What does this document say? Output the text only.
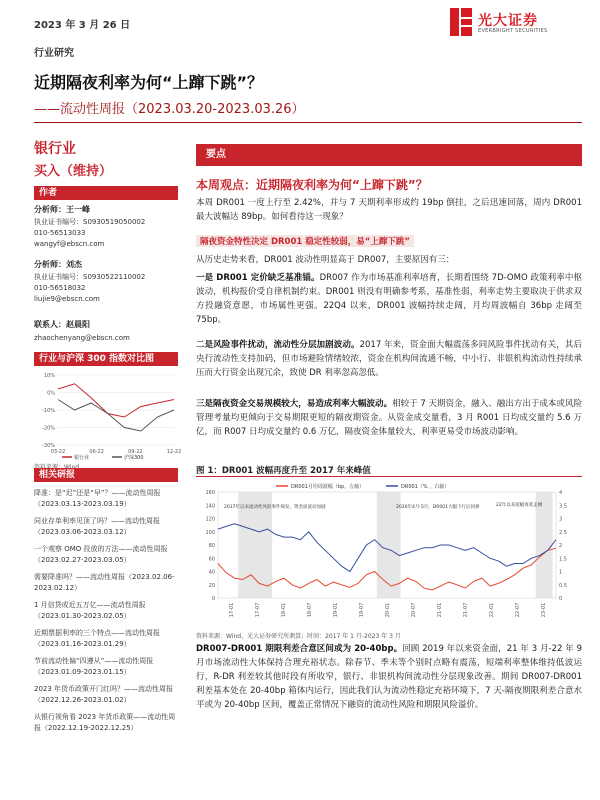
2023 年 3 月 26 日	光大证券
EVERBRIGHT SECURITIES
行业研究
近期隔夜利率为何“上蹿下跳”？
——流动性周报（2023.03.20-2023.03.26）
银行业
买入（维持）
作者
分析师：王一峰
执业证书编号：S0930519050002
010-56513033
wangyf@ebscn.com
分析师：刘杰
执业证书编号：S0930522110002
010-56518032
liujie9@ebscn.com
联系人：赵晨阳
zhaochenyang@ebscn.com
行业与沪深 300 指数对比图
10%
0%
-10%
-20%
-30%
03-22	06-22	09-22	12-22
银行业	沪深300
相关研报
降准：是“迟”还是“早”？——流动性周报（2023.03.13-2023.03.19）
同业存单利率见顶了吗？——流动性周报（2023.03.06-2023.03.12）
一个观察 OMO 投放的方法——流动性周报（2023.02.27-2023.03.05）
需要降准吗？——流动性周报（2023.02.06-2023.02.12）
1 月信贷或近五万亿——流动性周报（2023.01.30-2023.02.05）
近期票据利率的三个特点——流动性周报（2023.01.16-2023.01.29）
节前流动性偏“四遵从”——流动性周报（2023.01.09-2023.01.15）
2023 年货币政策开门红吗？——流动性周报（2022.12.26-2023.01.02）
从银行视角看 2023 年货币政策——流动性周报（2022.12.19-2022.12.25）
要点
本周观点：近期隔夜利率为何“上蹿下跳”？
本周 DR001 一度上行至 2.42%，并与 7 天期利率形成约 19bp 倒挂，之后迅速回落，周内 DR001 最大波幅达 89bp。如何看待这一现象？
隔夜资金特性决定 DR001 稳定性较弱，易“上蹿下跳”
从历史走势来看，DR001 波动性明显高于 DR007，主要原因有三：
一是 DR001 定价缺乏基准锚。DR007 作为市场基准利率培育，长期看围绕 7D-OMO 政策利率中枢波动，机构报价受自律机制约束。DR001 则没有明确参考系，基准性弱，利率走势主要取决于供求双方投融资意愿，市场属性更强。22Q4 以来，DR001 波幅持续走阔，月均周波幅自 36bp 走阔至 75bp。
二是风险事件扰动，流动性分层加剧波动。2017 年来，资金面大幅震荡多同风险事件扰动有关，其后央行流动性支持加码，但市场避险情绪较浓，资金在机构间流通不畅，中小行、非银机构流动性持续承压而大行资金出现冗余，致使 DR 利率忽高忽低。
三是隔夜资金交易规模较大，易造成利率大幅波动。相较于 7 天期资金，融入、融出方出于成本或风险管理考量均更倾向于交易期限更短的隔夜期资金。从资金成交量看，3 月 R001 日均成交量约 5.6 万亿，而 R007 日均成交量约 0.6 万亿，隔夜资金体量较大，利率更易受市场波动影响。
图 1：DR001 波幅再度升至 2017 年来峰值
160
140
120
100
80
60
40
20
0
4
3.5
3
2.5
2
1.5
1
0.5
0
17-01	17-07	18-01	18-07	19-01	19-07	20-01	20-07	21-01	21-07	22-01	22-07	23-01
DR001月均周波幅（bp，左轴）	DR001（% ，右轴）
2017年以来流动性风险事件频发，资金面波动加剧	2020年4月-5月，DR001大幅下行后回弹	22年以来波幅再度走阔
资料来源：Wind，光大证券研究所测算；时间：2017 年 1 月-2023 年 3 月
DR007-DR001 期限利差合意区间或为 20-40bp。回顾 2019 年以来资金面，21 年 3 月-22 年 9 月市场流动性大体保持合理充裕状态。除春节、季末等个别时点略有震荡，短端利率整体维持低波运行，R-DR 利差较其他时段有所收窄，银行、非银机构间流动性分层现象改善。期间 DR007-DR001 利差基本处在 20-40bp 箱体内运行，因此我们认为流动性稳定充裕环境下，7 天-隔夜期限利差合意水平或为 20-40bp 区间，覆盖正常情况下融资的流动性风险和期限风险溢价。
